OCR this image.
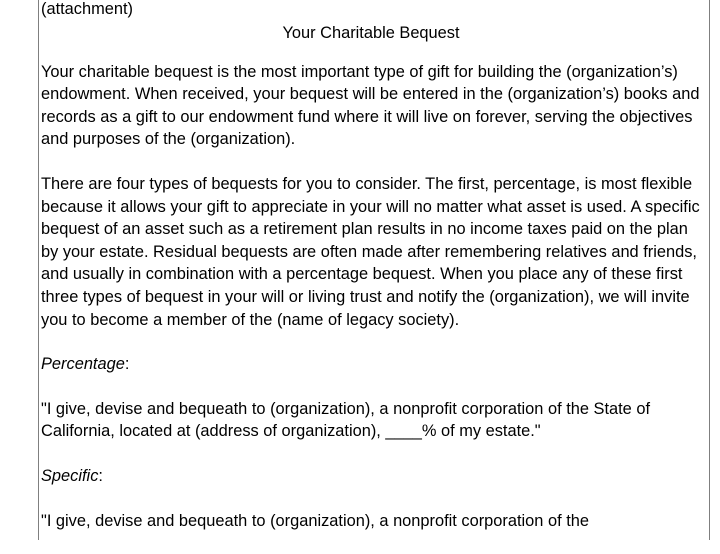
(attachment)
Your Charitable Bequest

Your charitable bequest is the most important type of gift for building the (organization’s) endowment. When received, your bequest will be entered in the (organization’s) books and records as a gift to our endowment fund where it will live on forever, serving the objectives and purposes of the (organization).

There are four types of bequests for you to consider. The first, percentage, is most flexible because it allows your gift to appreciate in your will no matter what asset is used. A specific bequest of an asset such as a retirement plan results in no income taxes paid on the plan by your estate. Residual bequests are often made after remembering relatives and friends, and usually in combination with a percentage bequest. When you place any of these first three types of bequest in your will or living trust and notify the (organization), we will invite you to become a member of the (name of legacy society).

Percentage:

"I give, devise and bequeath to (organization), a nonprofit corporation of the State of California, located at (address of organization), ____% of my estate."

Specific:

"I give, devise and bequeath to (organization), a nonprofit corporation of the
